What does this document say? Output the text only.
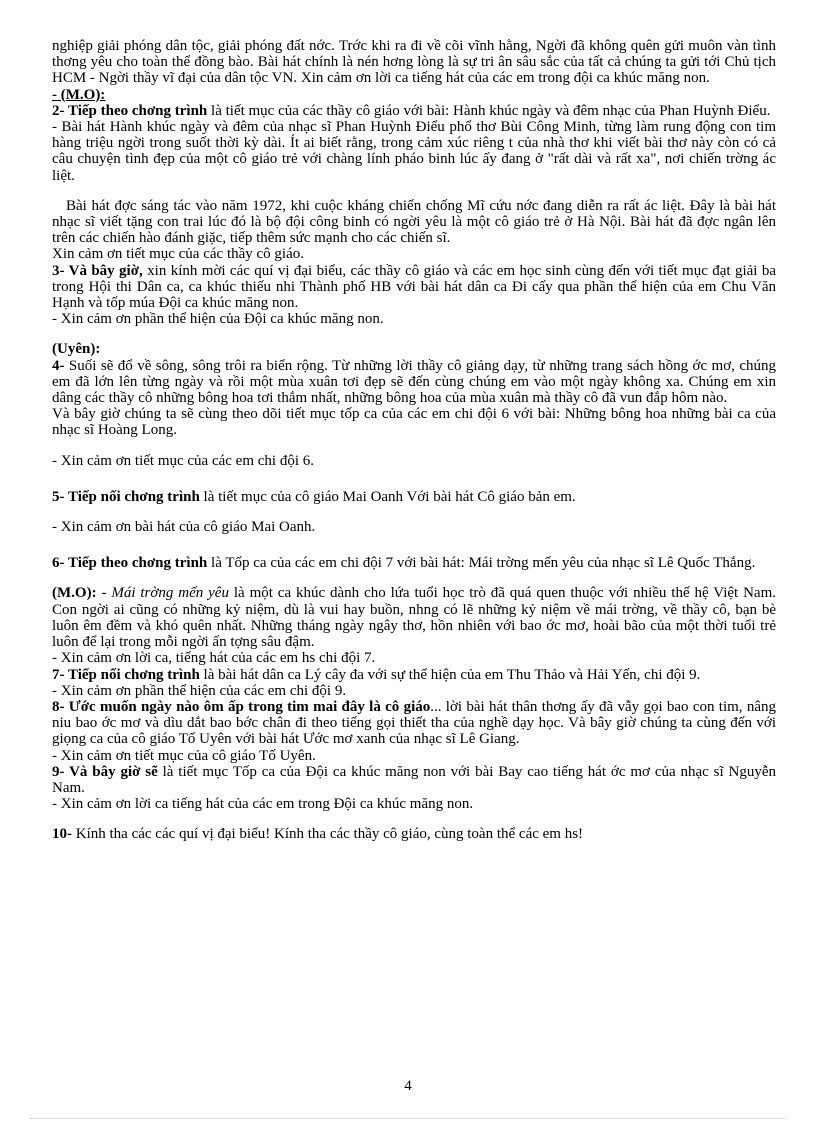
nghiệp giải phóng dân tộc, giải phóng đất nớc. Trớc khi ra đi về cõi vĩnh hằng, Ngời đã không quên gửi muôn vàn tình thơng yêu cho toàn thể đồng bào. Bài hát chính là nén hơng lòng là sự tri ân sâu sắc của tất cả chúng ta gửi tới Chủ tịch HCM - Ngời thầy vĩ đại của dân tộc VN. Xin cảm ơn lời ca tiếng hát của các em trong đội ca khúc măng non.

- (M.O):

2- Tiếp theo chơng trình là tiết mục của các thầy cô giáo với bài: Hành khúc ngày và đêm nhạc của Phan Huỳnh Điểu.

- Bài hát Hành khúc ngày và đêm của nhạc sĩ Phan Huỳnh Điểu phổ thơ Bùi Công Minh, từng làm rung động con tim hàng triệu ngời trong suốt thời kỳ dài. Ít ai biết rằng, trong cảm xúc riêng t của nhà thơ khi viết bài thơ này còn có cả câu chuyện tình đẹp của một cô giáo trẻ với chàng lính pháo binh lúc ấy đang ở "rất dài và rất xa", nơi chiến trờng ác liệt.

Bài hát đợc sáng tác vào năm 1972, khi cuộc kháng chiến chống Mĩ cứu nớc đang diễn ra rất ác liệt. Đây là bài hát nhạc sĩ viết tặng con trai lúc đó là bộ đội công binh có ngời yêu là một cô giáo trẻ ở Hà Nội. Bài hát đã đợc ngân lên trên các chiến hào đánh giặc, tiếp thêm sức mạnh cho các chiến sĩ.

Xin cảm ơn tiết mục của các thầy cô giáo.

3- Và bây giờ, xin kính mời các quí vị đại biểu, các thầy cô giáo và các em học sinh cùng đến với tiết mục đạt giải ba trong Hội thi Dân ca, ca khúc thiếu nhi Thành phố HB với bài hát dân ca Đi cấy qua phần thể hiện của em Chu Văn Hạnh và tốp múa Đội ca khúc măng non.

- Xin cảm ơn phần thể hiện của Đội ca khúc măng non.

(Uyên):

4- Suối sẽ đổ về sông, sông trôi ra biển rộng. Từ những lời thầy cô giảng dạy, từ những trang sách hồng ớc mơ, chúng em đã lớn lên từng ngày và rồi một mùa xuân tơi đẹp sẽ đến cùng chúng em vào một ngày không xa. Chúng em xin dâng các thầy cô những bông hoa tơi thắm nhất, những bông hoa của mùa xuân mà thầy cô đã vun đắp hôm nào.

Và bây giờ chúng ta sẽ cùng theo dõi tiết mục tốp ca của các em chi đội 6 với bài: Những bông hoa những bài ca của nhạc sĩ Hoàng Long.

- Xin cảm ơn tiết mục của các em chi đội 6.

5- Tiếp nối chơng trình là tiết mục của cô giáo Mai Oanh Với bài hát Cô giáo bản em.

- Xin cảm ơn bài hát của cô giáo Mai Oanh.

6- Tiếp theo chơng trình là Tốp ca của các em chi đội 7 với bài hát: Mái trờng mến yêu của nhạc sĩ Lê Quốc Thắng.

(M.O): - Mái trờng mến yêu là một ca khúc dành cho lứa tuổi học trò đã quá quen thuộc với nhiều thế hệ Việt Nam. Con ngời ai cũng có những kỷ niệm, dù là vui hay buồn, nhng có lẽ những kỷ niệm về mái trờng, về thầy cô, bạn bè luôn êm đềm và khó quên nhất. Những tháng ngày ngây thơ, hồn nhiên với bao ớc mơ, hoài bão của một thời tuổi trẻ luôn để lại trong mỗi ngời ấn tợng sâu đậm.

- Xin cảm ơn lời ca, tiếng hát của các em hs chi đội 7.

7- Tiếp nối chơng trình là bài hát dân ca Lý cây đa với sự thể hiện của em Thu Thảo và Hải Yến, chi đội 9.

- Xin cảm ơn phần thể hiện của các em chi đội 9.

8- Ước muốn ngày nào ôm ấp trong tim mai đây là cô giáo... lời bài hát thân thơng ấy đã vẫy gọi bao con tim, nâng niu bao ớc mơ và dìu dắt bao bớc chân đi theo tiếng gọi thiết tha của nghề dạy học. Và bây giờ chúng ta cùng đến với giọng ca của cô giáo Tố Uyên với bài hát Ước mơ xanh của nhạc sĩ Lê Giang.

- Xin cảm ơn tiết mục của cô giáo Tố Uyên.

9- Và bây giờ sẽ là tiết mục Tốp ca của Đội ca khúc măng non với bài Bay cao tiếng hát ớc mơ của nhạc sĩ Nguyễn Nam.

- Xin cảm ơn lời ca tiếng hát của các em trong Đội ca khúc măng non.

10- Kính tha các các quí vị đại biểu! Kính tha các thầy cô giáo, cùng toàn thể các em hs!

4
